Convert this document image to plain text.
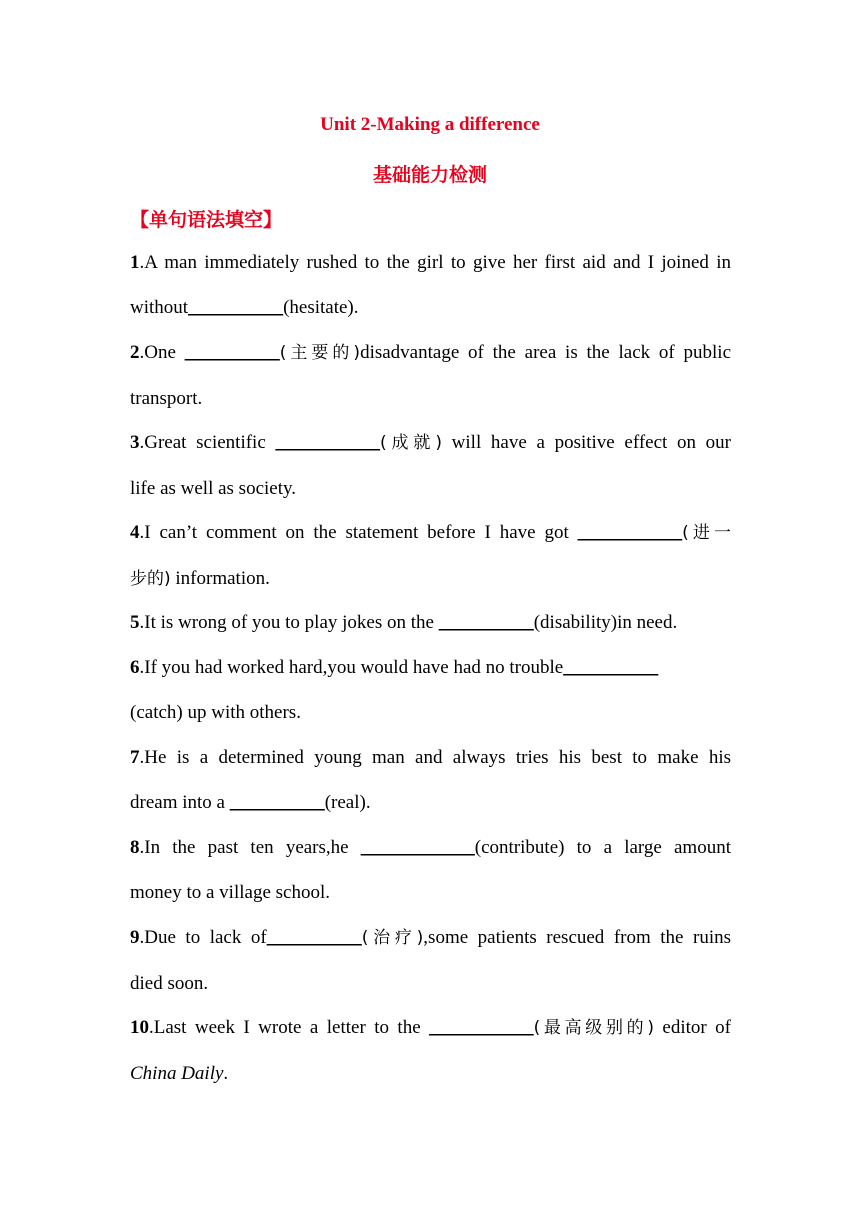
Unit 2-Making a difference
基础能力检测
【单句语法填空】
1.A man immediately rushed to the girl to give her first aid and I joined in
without__________(hesitate).
2.One __________(主要的)disadvantage of the area is the lack of public
transport.
3.Great scientific ___________(成就) will have a positive effect on our
life as well as society.
4.I can’t comment on the statement before I have got ___________(进一
步的) information.
5.It is wrong of you to play jokes on the __________(disability)in need.
6.If you had worked hard,you would have had no trouble__________
(catch) up with others.
7.He is a determined young man and always tries his best to make his
dream into a __________(real).
8.In the past ten years,he ____________(contribute) to a large amount
money to a village school.
9.Due to lack of__________(治疗),some patients rescued from the ruins
died soon.
10.Last week I wrote a letter to the ___________(最高级别的) editor of
China Daily.
